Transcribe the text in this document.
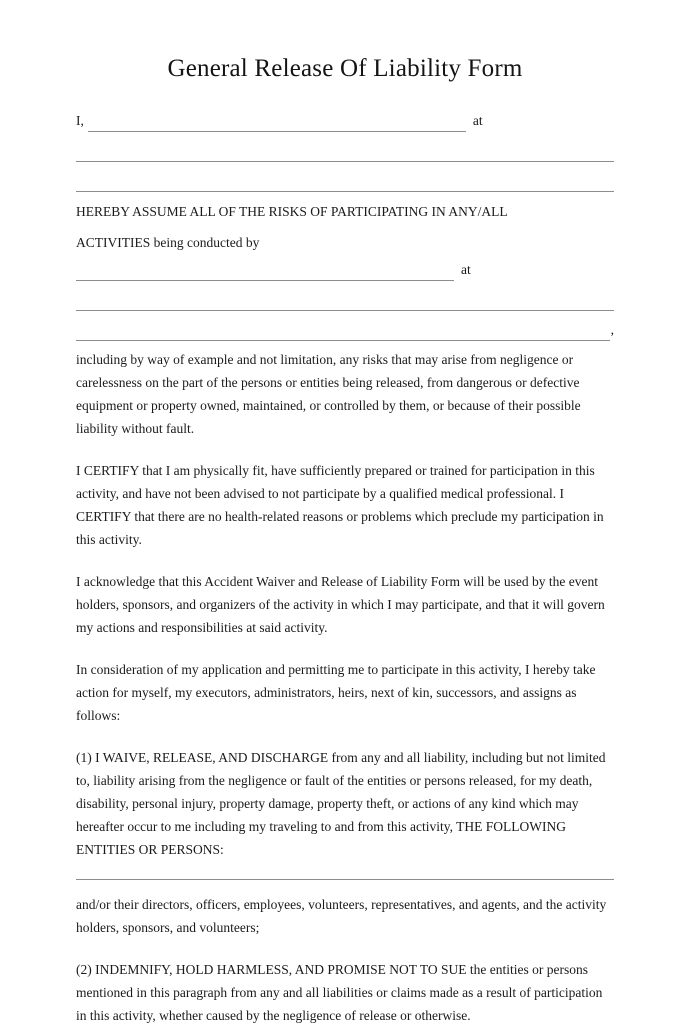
General Release Of Liability Form
I,	at
HEREBY ASSUME ALL OF THE RISKS OF PARTICIPATING IN ANY/ALL
ACTIVITIES being conducted by
at
,

including by way of example and not limitation, any risks that may arise from negligence or carelessness on the part of the persons or entities being released, from dangerous or defective equipment or property owned, maintained, or controlled by them, or because of their possible liability without fault.

I CERTIFY that I am physically fit, have sufficiently prepared or trained for participation in this activity, and have not been advised to not participate by a qualified medical professional. I CERTIFY that there are no health-related reasons or problems which preclude my participation in this activity.

I acknowledge that this Accident Waiver and Release of Liability Form will be used by the event holders, sponsors, and organizers of the activity in which I may participate, and that it will govern my actions and responsibilities at said activity.

In consideration of my application and permitting me to participate in this activity, I hereby take action for myself, my executors, administrators, heirs, next of kin, successors, and assigns as follows:

(1) I WAIVE, RELEASE, AND DISCHARGE from any and all liability, including but not limited to, liability arising from the negligence or fault of the entities or persons released, for my death, disability, personal injury, property damage, property theft, or actions of any kind which may hereafter occur to me including my traveling to and from this activity, THE FOLLOWING ENTITIES OR PERSONS:

and/or their directors, officers, employees, volunteers, representatives, and agents, and the activity holders, sponsors, and volunteers;

(2) INDEMNIFY, HOLD HARMLESS, AND PROMISE NOT TO SUE the entities or persons mentioned in this paragraph from any and all liabilities or claims made as a result of participation in this activity, whether caused by the negligence of release or otherwise.
